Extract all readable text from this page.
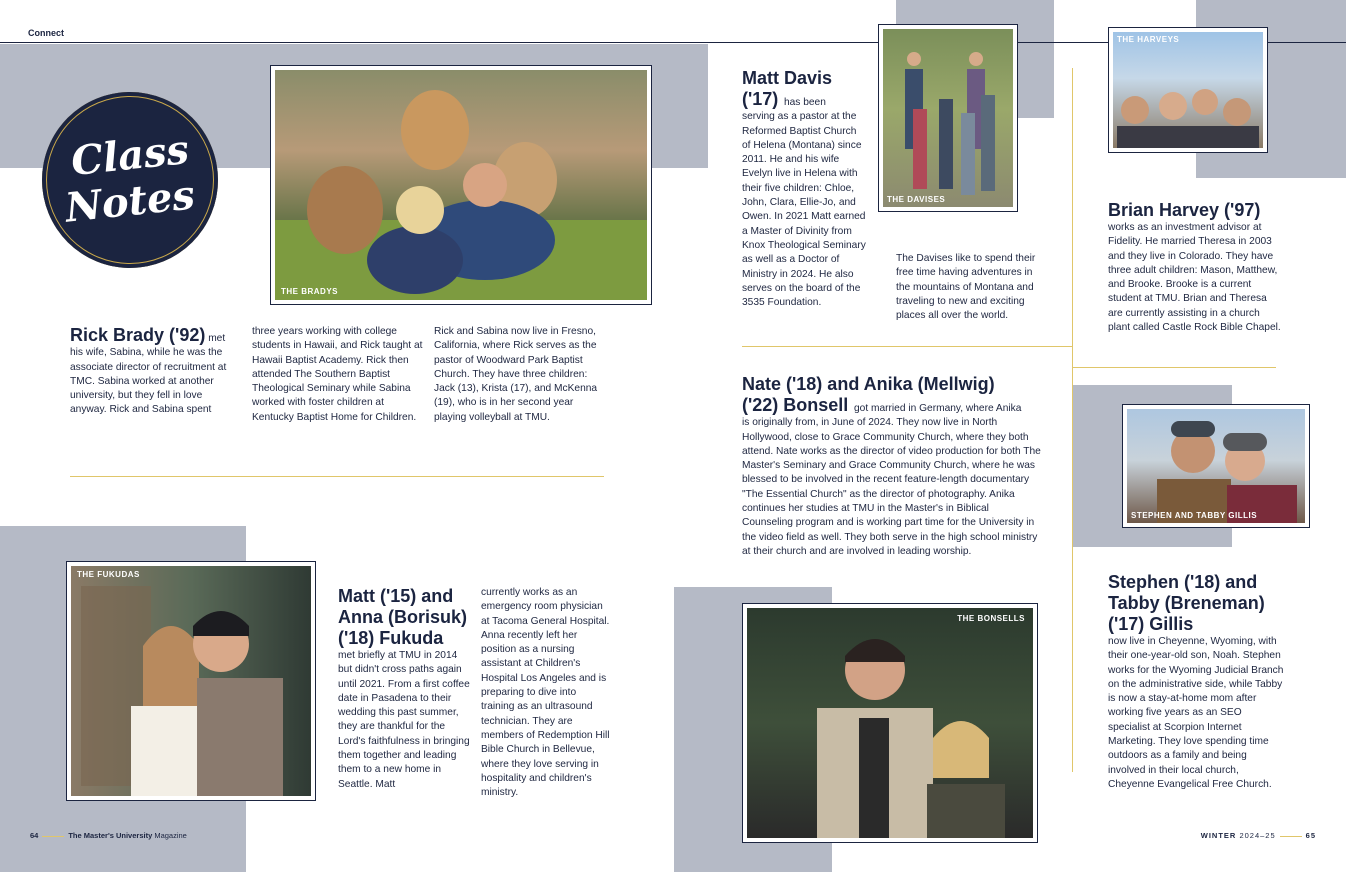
Connect
Class
Notes
THE BRADYS
Rick Brady ('92) met his wife, Sabina, while he was the associate director of recruitment at TMC. Sabina worked at another university, but they fell in love anyway. Rick and Sabina spent
three years working with college students in Hawaii, and Rick taught at Hawaii Baptist Academy. Rick then attended The Southern Baptist Theological Seminary while Sabina worked with foster children at Kentucky Baptist Home for Children.
Rick and Sabina now live in Fresno, California, where Rick serves as the pastor of Woodward Park Baptist Church. They have three children: Jack (13), Krista (17), and McKenna (19), who is in her second year playing volleyball at TMU.
THE DAVISES
Matt Davis
('17) has been
serving as a pastor at the Reformed Baptist Church of Helena (Montana) since 2011. He and his wife Evelyn live in Helena with their five children: Chloe, John, Clara, Ellie-Jo, and Owen. In 2021 Matt earned a Master of Divinity from Knox Theological Seminary as well as a Doctor of Ministry in 2024. He also serves on the board of the 3535 Foundation.
The Davises like to spend their free time having adventures in the mountains of Montana and traveling to new and exciting places all over the world.
THE HARVEYS
Brian Harvey ('97)
works as an investment advisor at Fidelity. He married Theresa in 2003 and they live in Colorado. They have three adult children: Mason, Matthew, and Brooke. Brooke is a current student at TMU. Brian and Theresa are currently assisting in a church plant called Castle Rock Bible Chapel.
Nate ('18) and Anika (Mellwig)
('22) Bonsell got married in Germany, where Anika
is originally from, in June of 2024. They now live in North Hollywood, close to Grace Community Church, where they both attend. Nate works as the director of video production for both The Master's Seminary and Grace Community Church, where he was blessed to be involved in the recent feature-length documentary "The Essential Church" as the director of photography. Anika continues her studies at TMU in the Master's in Biblical Counseling program and is working part time for the University in the video field as well. They both serve in the high school ministry at their church and are involved in leading worship.
STEPHEN AND TABBY GILLIS
Stephen ('18) and
Tabby (Breneman)
('17) Gillis
now live in Cheyenne, Wyoming, with their one-year-old son, Noah. Stephen works for the Wyoming Judicial Branch on the administrative side, while Tabby is now a stay-at-home mom after working five years as an SEO specialist at Scorpion Internet Marketing. They love spending time outdoors as a family and being involved in their local church, Cheyenne Evangelical Free Church.
THE FUKUDAS
Matt ('15) and
Anna (Borisuk)
('18) Fukuda
met briefly at TMU in 2014 but didn't cross paths again until 2021. From a first coffee date in Pasadena to their wedding this past summer, they are thankful for the Lord's faithfulness in bringing them together and leading them to a new home in Seattle. Matt
currently works as an emergency room physician at Tacoma General Hospital. Anna recently left her position as a nursing assistant at Children's Hospital Los Angeles and is preparing to dive into training as an ultrasound technician. They are members of Redemption Hill Bible Church in Bellevue, where they love serving in hospitality and children's ministry.
THE BONSELLS
64	The Master's University Magazine	WINTER 2024–25	65
